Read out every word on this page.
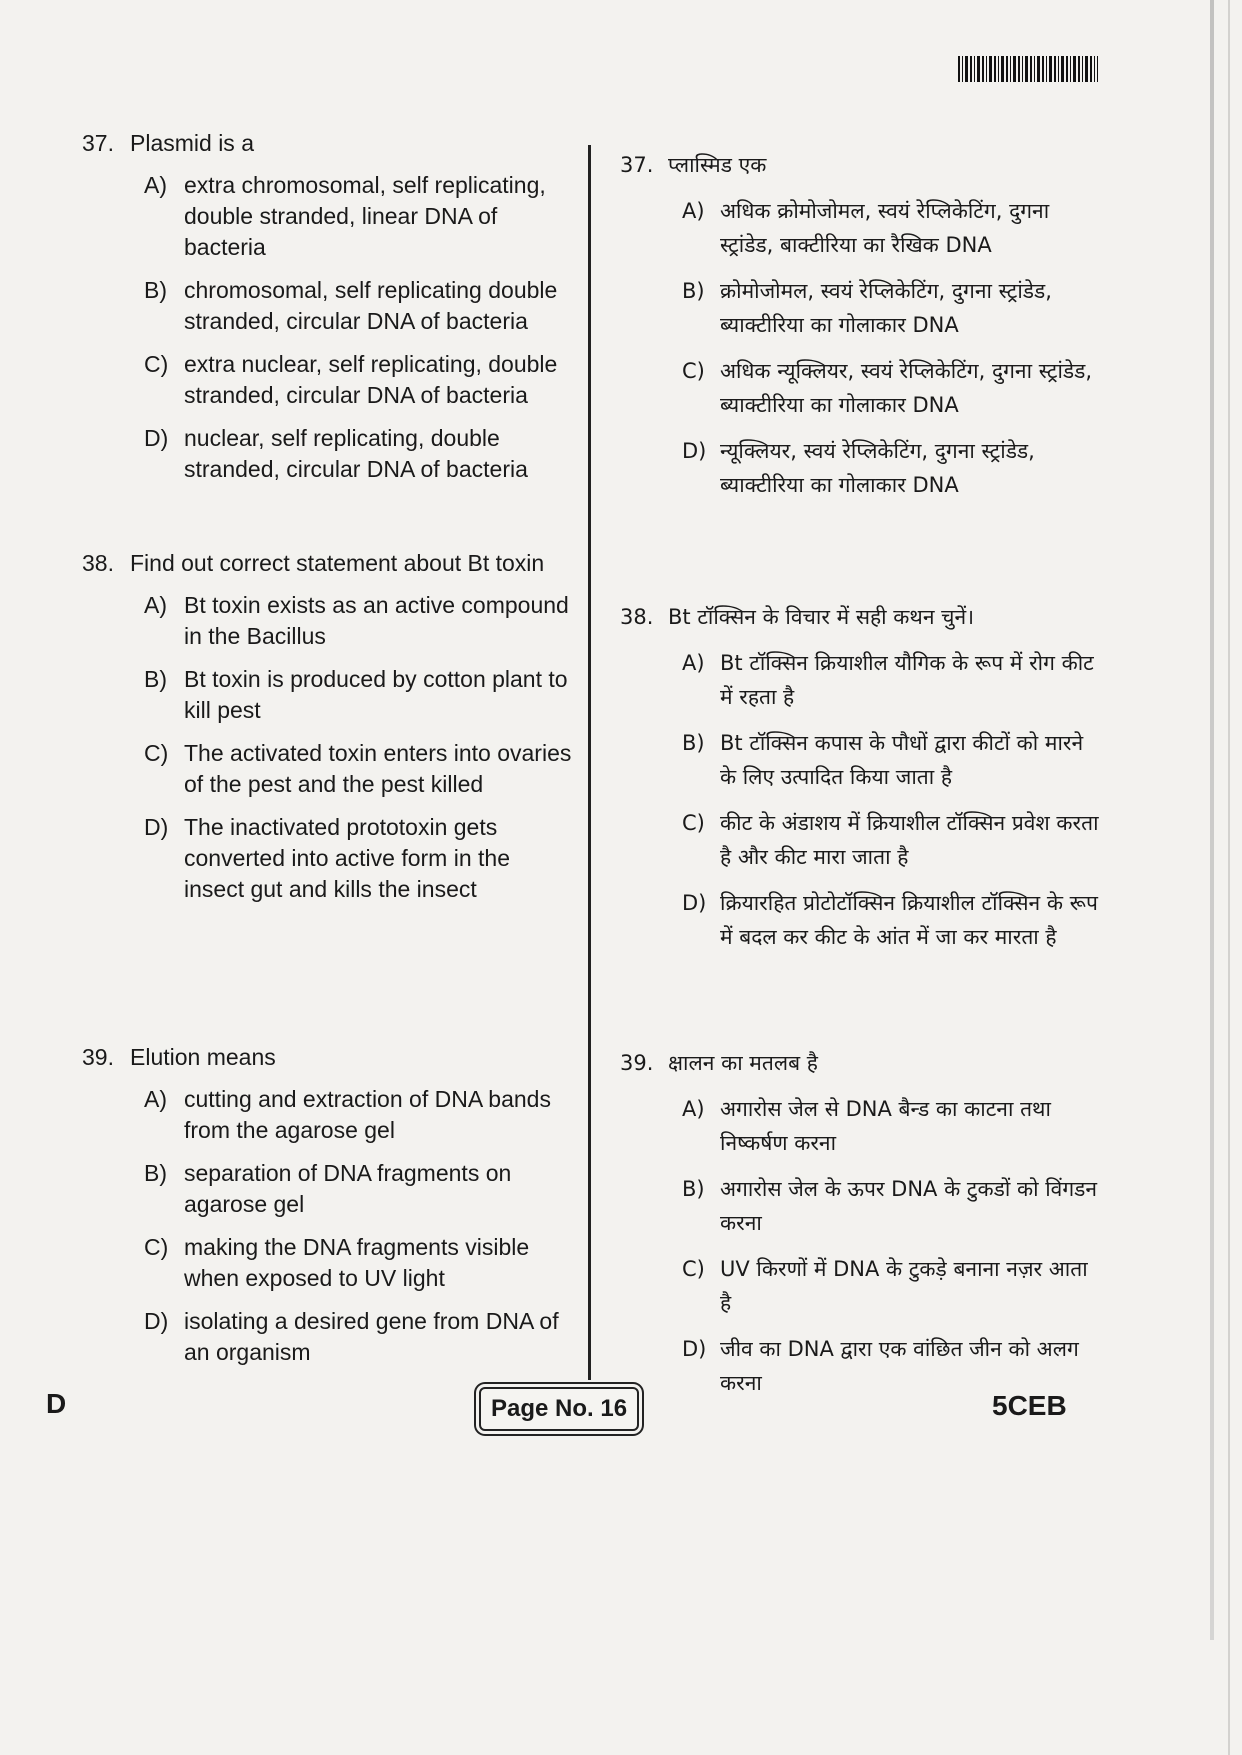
37. Plasmid is a
A) extra chromosomal, self replicating, double stranded, linear DNA of bacteria
B) chromosomal, self replicating double stranded, circular DNA of bacteria
C) extra nuclear, self replicating, double stranded, circular DNA of bacteria
D) nuclear, self replicating, double stranded, circular DNA of bacteria
38. Find out correct statement about Bt toxin
A) Bt toxin exists as an active compound in the Bacillus
B) Bt toxin is produced by cotton plant to kill pest
C) The activated toxin enters into ovaries of the pest and the pest killed
D) The inactivated prototoxin gets converted into active form in the insect gut and kills the insect
39. Elution means
A) cutting and extraction of DNA bands from the agarose gel
B) separation of DNA fragments on agarose gel
C) making the DNA fragments visible when exposed to UV light
D) isolating a desired gene from DNA of an organism
37. प्लास्मिड एक
A) अधिक क्रोमोजोमल, स्वयं रेप्लिकेटिंग, दुगना स्ट्रांडेड, बाक्टीरिया का रैखिक DNA
B) क्रोमोजोमल, स्वयं रेप्लिकेटिंग, दुगना स्ट्रांडेड, ब्याक्टीरिया का गोलाकार DNA
C) अधिक न्यूक्लियर, स्वयं रेप्लिकेटिंग, दुगना स्ट्रांडेड, ब्याक्टीरिया का गोलाकार DNA
D) न्यूक्लियर, स्वयं रेप्लिकेटिंग, दुगना स्ट्रांडेड, ब्याक्टीरिया का गोलाकार DNA
38. Bt टॉक्सिन के विचार में सही कथन चुनें।
A) Bt टॉक्सिन क्रियाशील यौगिक के रूप में रोग कीट में रहता है
B) Bt टॉक्सिन कपास के पौधों द्वारा कीटों को मारने के लिए उत्पादित किया जाता है
C) कीट के अंडाशय में क्रियाशील टॉक्सिन प्रवेश करता है और कीट मारा जाता है
D) क्रियारहित प्रोटोटॉक्सिन क्रियाशील टॉक्सिन के रूप में बदल कर कीट के आंत में जा कर मारता है
39. क्षालन का मतलब है
A) अगारोस जेल से DNA बैन्ड का काटना तथा निष्कर्षण करना
B) अगारोस जेल के ऊपर DNA के टुकडों को विंगडन करना
C) UV किरणों में DNA के टुकड़े बनाना नज़र आता है
D) जीव का DNA द्वारा एक वांछित जीन को अलग करना
D	Page No. 16	5CEB
